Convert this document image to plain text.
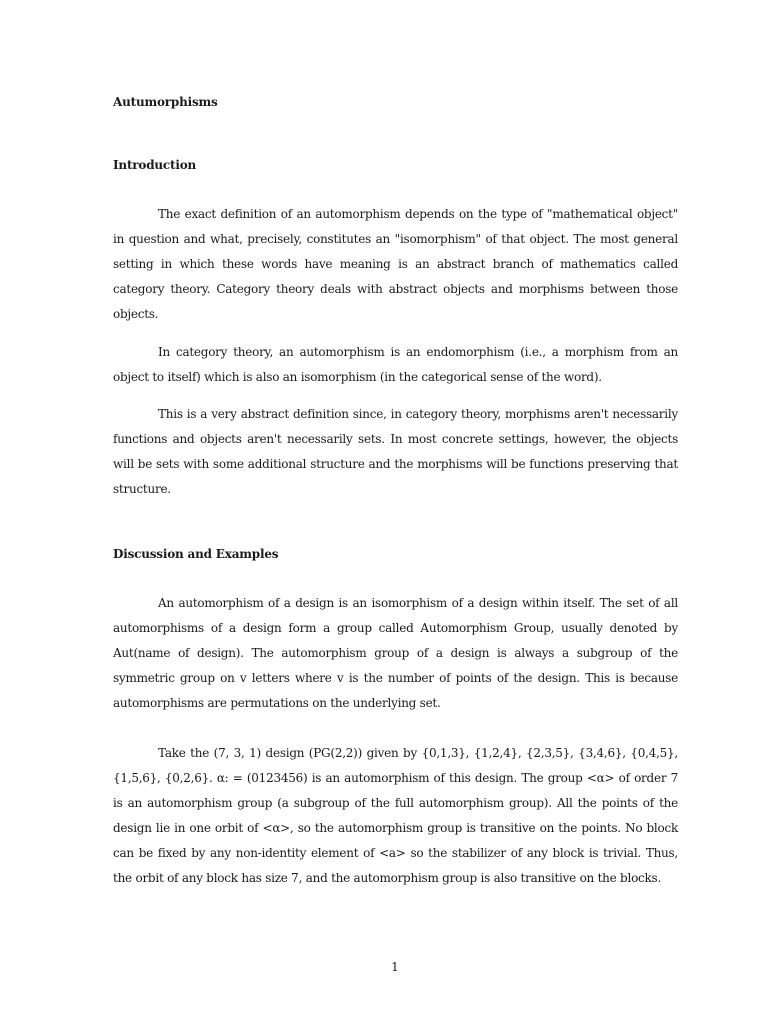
Autumorphisms
Introduction

The exact definition of an automorphism depends on the type of "mathematical object" in question and what, precisely, constitutes an "isomorphism" of that object. The most general setting in which these words have meaning is an abstract branch of mathematics called category theory. Category theory deals with abstract objects and morphisms between those objects.

In category theory, an automorphism is an endomorphism (i.e., a morphism from an object to itself) which is also an isomorphism (in the categorical sense of the word).

This is a very abstract definition since, in category theory, morphisms aren't necessarily functions and objects aren't necessarily sets. In most concrete settings, however, the objects will be sets with some additional structure and the morphisms will be functions preserving that structure.

Discussion and Examples

An automorphism of a design is an isomorphism of a design within itself. The set of all automorphisms of a design form a group called Automorphism Group, usually denoted by Aut(name of design). The automorphism group of a design is always a subgroup of the symmetric group on v letters where v is the number of points of the design. This is because automorphisms are permutations on the underlying set.

Take the (7, 3, 1) design (PG(2,2)) given by {0,1,3}, {1,2,4}, {2,3,5}, {3,4,6}, {0,4,5}, {1,5,6}, {0,2,6}. α: = (0123456) is an automorphism of this design. The group <α> of order 7 is an automorphism group (a subgroup of the full automorphism group). All the points of the design lie in one orbit of <α>, so the automorphism group is transitive on the points. No block can be fixed by any non-identity element of <a> so the stabilizer of any block is trivial. Thus, the orbit of any block has size 7, and the automorphism group is also transitive on the blocks.

1
